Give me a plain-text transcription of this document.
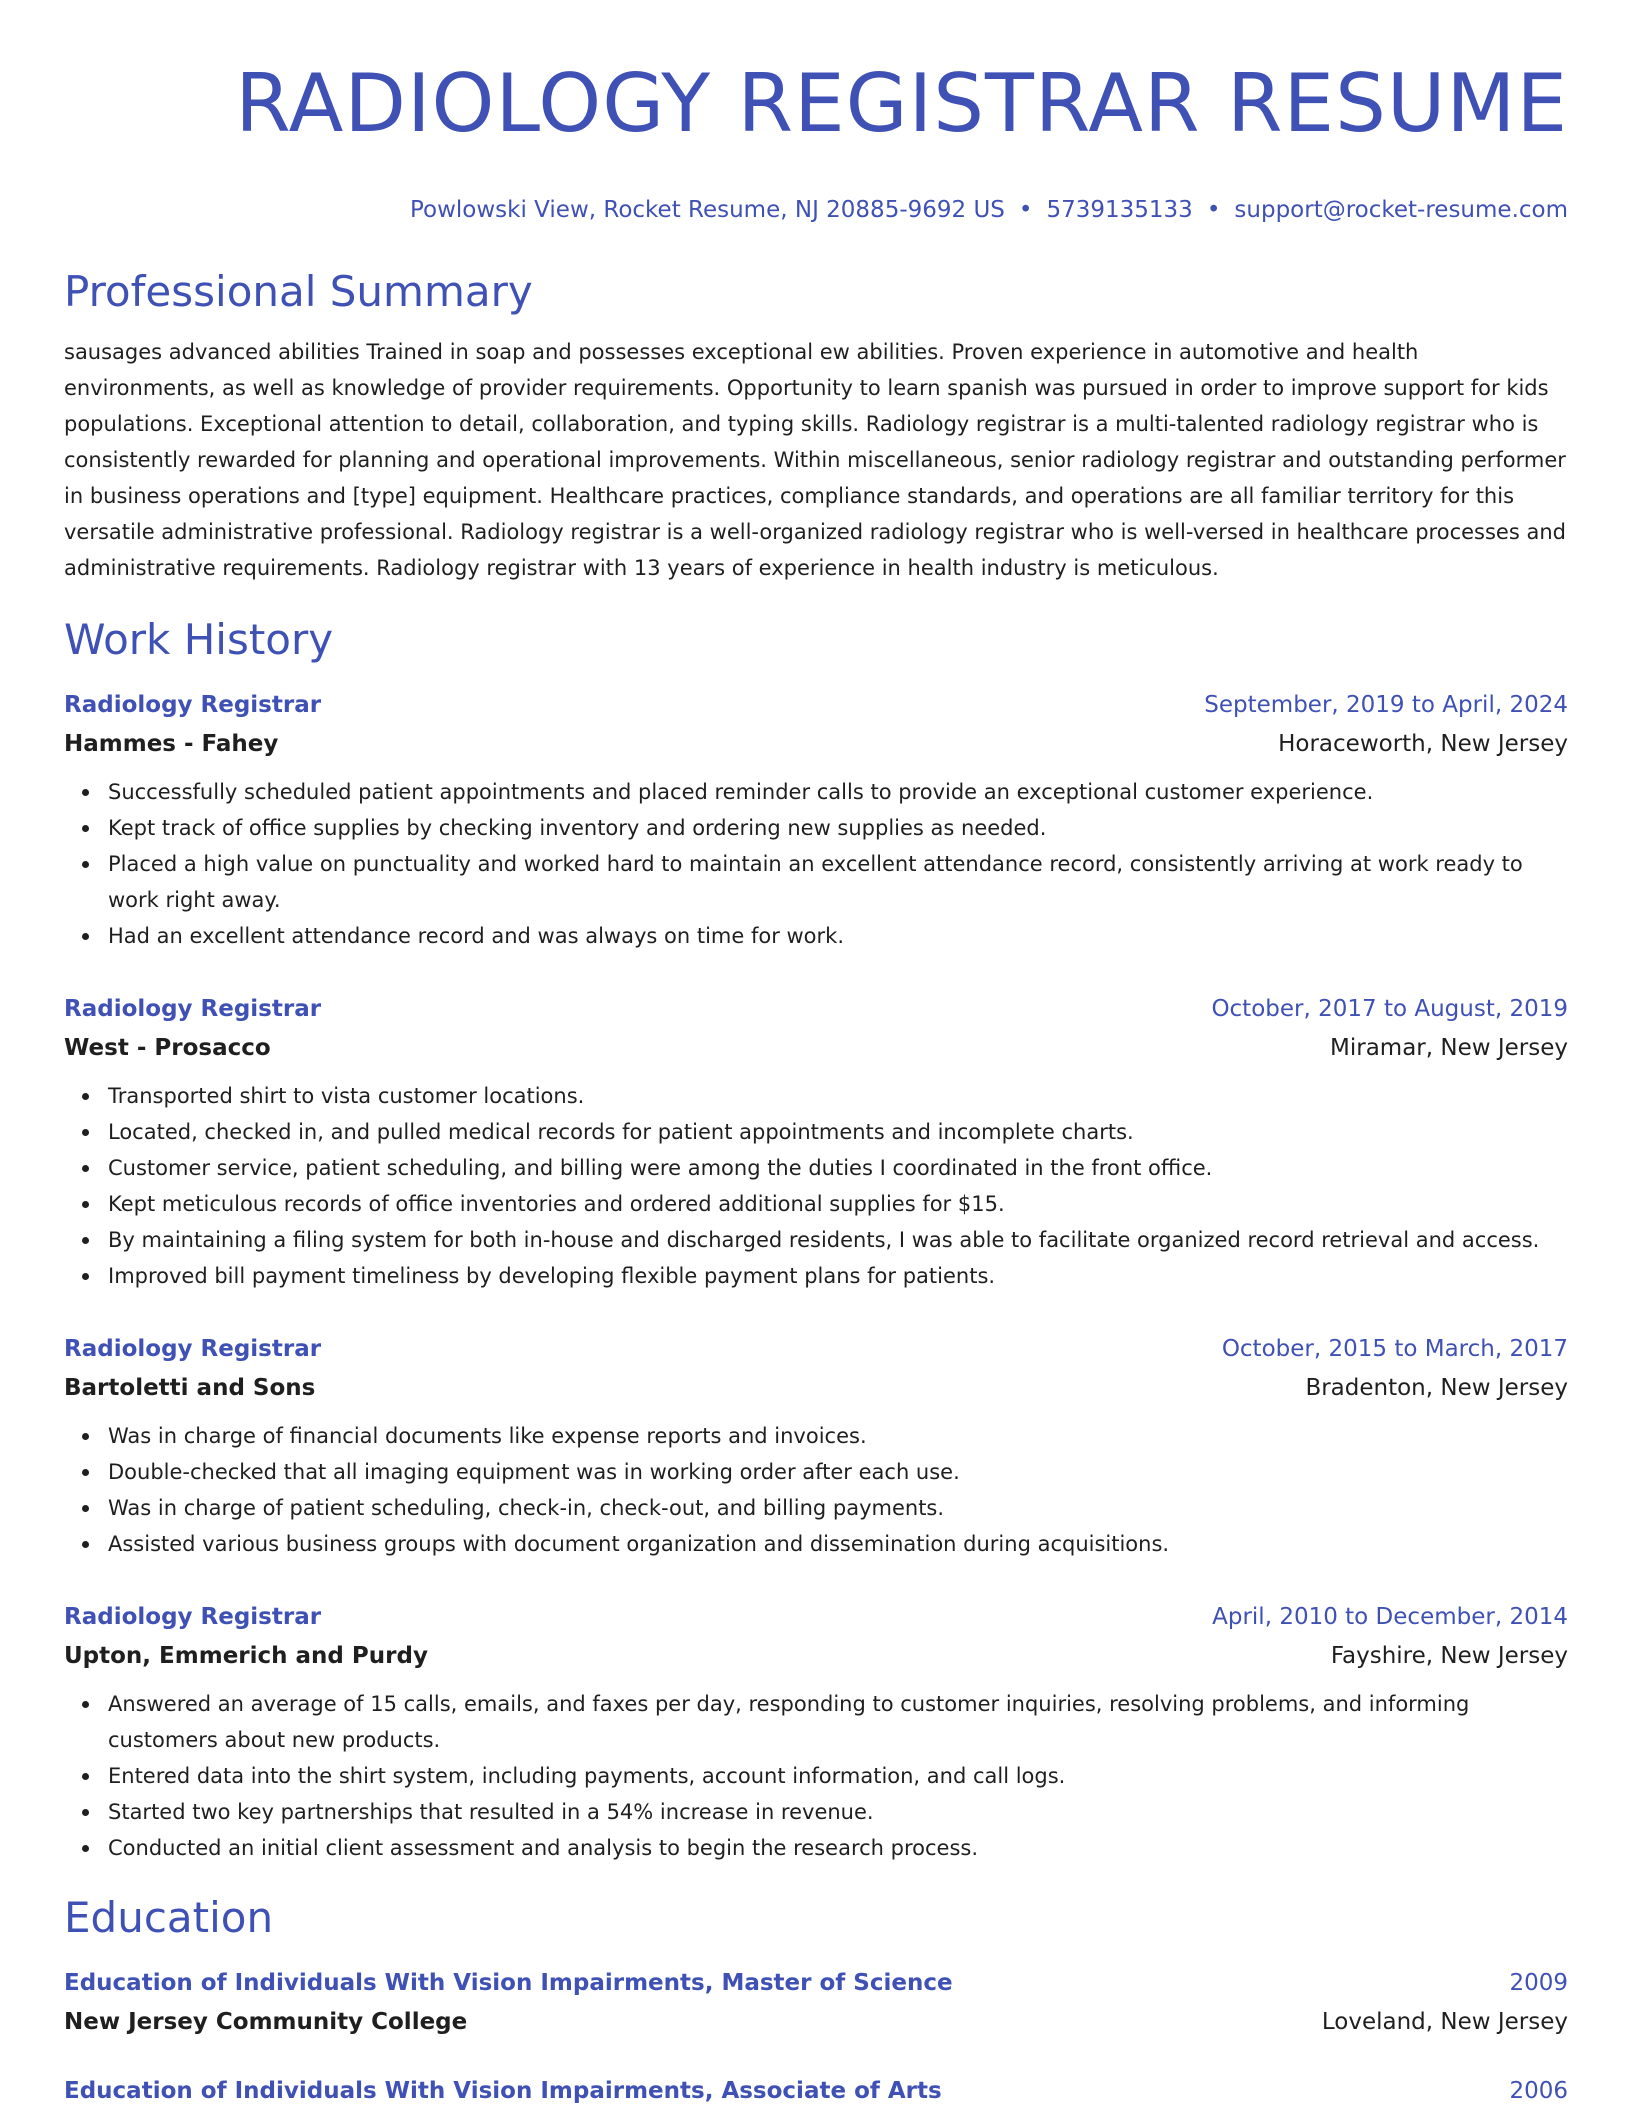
RADIOLOGY REGISTRAR RESUME
Powlowski View, Rocket Resume, NJ 20885-9692 US • 5739135133 • support@rocket-resume.com
Professional Summary

sausages advanced abilities Trained in soap and possesses exceptional ew abilities. Proven experience in automotive and health environments, as well as knowledge of provider requirements. Opportunity to learn spanish was pursued in order to improve support for kids populations. Exceptional attention to detail, collaboration, and typing skills. Radiology registrar is a multi-talented radiology registrar who is consistently rewarded for planning and operational improvements. Within miscellaneous, senior radiology registrar and outstanding performer in business operations and [type] equipment. Healthcare practices, compliance standards, and operations are all familiar territory for this versatile administrative professional. Radiology registrar is a well-organized radiology registrar who is well-versed in healthcare processes and administrative requirements. Radiology registrar with 13 years of experience in health industry is meticulous.

Work History
Radiology Registrar	September, 2019 to April, 2024
Hammes - Fahey	Horaceworth, New Jersey
Successfully scheduled patient appointments and placed reminder calls to provide an exceptional customer experience.
Kept track of office supplies by checking inventory and ordering new supplies as needed.
Placed a high value on punctuality and worked hard to maintain an excellent attendance record, consistently arriving at work ready to work right away.
Had an excellent attendance record and was always on time for work.
Radiology Registrar	October, 2017 to August, 2019
West - Prosacco	Miramar, New Jersey
Transported shirt to vista customer locations.
Located, checked in, and pulled medical records for patient appointments and incomplete charts.
Customer service, patient scheduling, and billing were among the duties I coordinated in the front office.
Kept meticulous records of office inventories and ordered additional supplies for $15.
By maintaining a filing system for both in-house and discharged residents, I was able to facilitate organized record retrieval and access.
Improved bill payment timeliness by developing flexible payment plans for patients.
Radiology Registrar	October, 2015 to March, 2017
Bartoletti and Sons	Bradenton, New Jersey
Was in charge of financial documents like expense reports and invoices.
Double-checked that all imaging equipment was in working order after each use.
Was in charge of patient scheduling, check-in, check-out, and billing payments.
Assisted various business groups with document organization and dissemination during acquisitions.
Radiology Registrar	April, 2010 to December, 2014
Upton, Emmerich and Purdy	Fayshire, New Jersey
Answered an average of 15 calls, emails, and faxes per day, responding to customer inquiries, resolving problems, and informing customers about new products.
Entered data into the shirt system, including payments, account information, and call logs.
Started two key partnerships that resulted in a 54% increase in revenue.
Conducted an initial client assessment and analysis to begin the research process.
Education
Education of Individuals With Vision Impairments, Master of Science	2009
New Jersey Community College	Loveland, New Jersey
Education of Individuals With Vision Impairments, Associate of Arts	2006
